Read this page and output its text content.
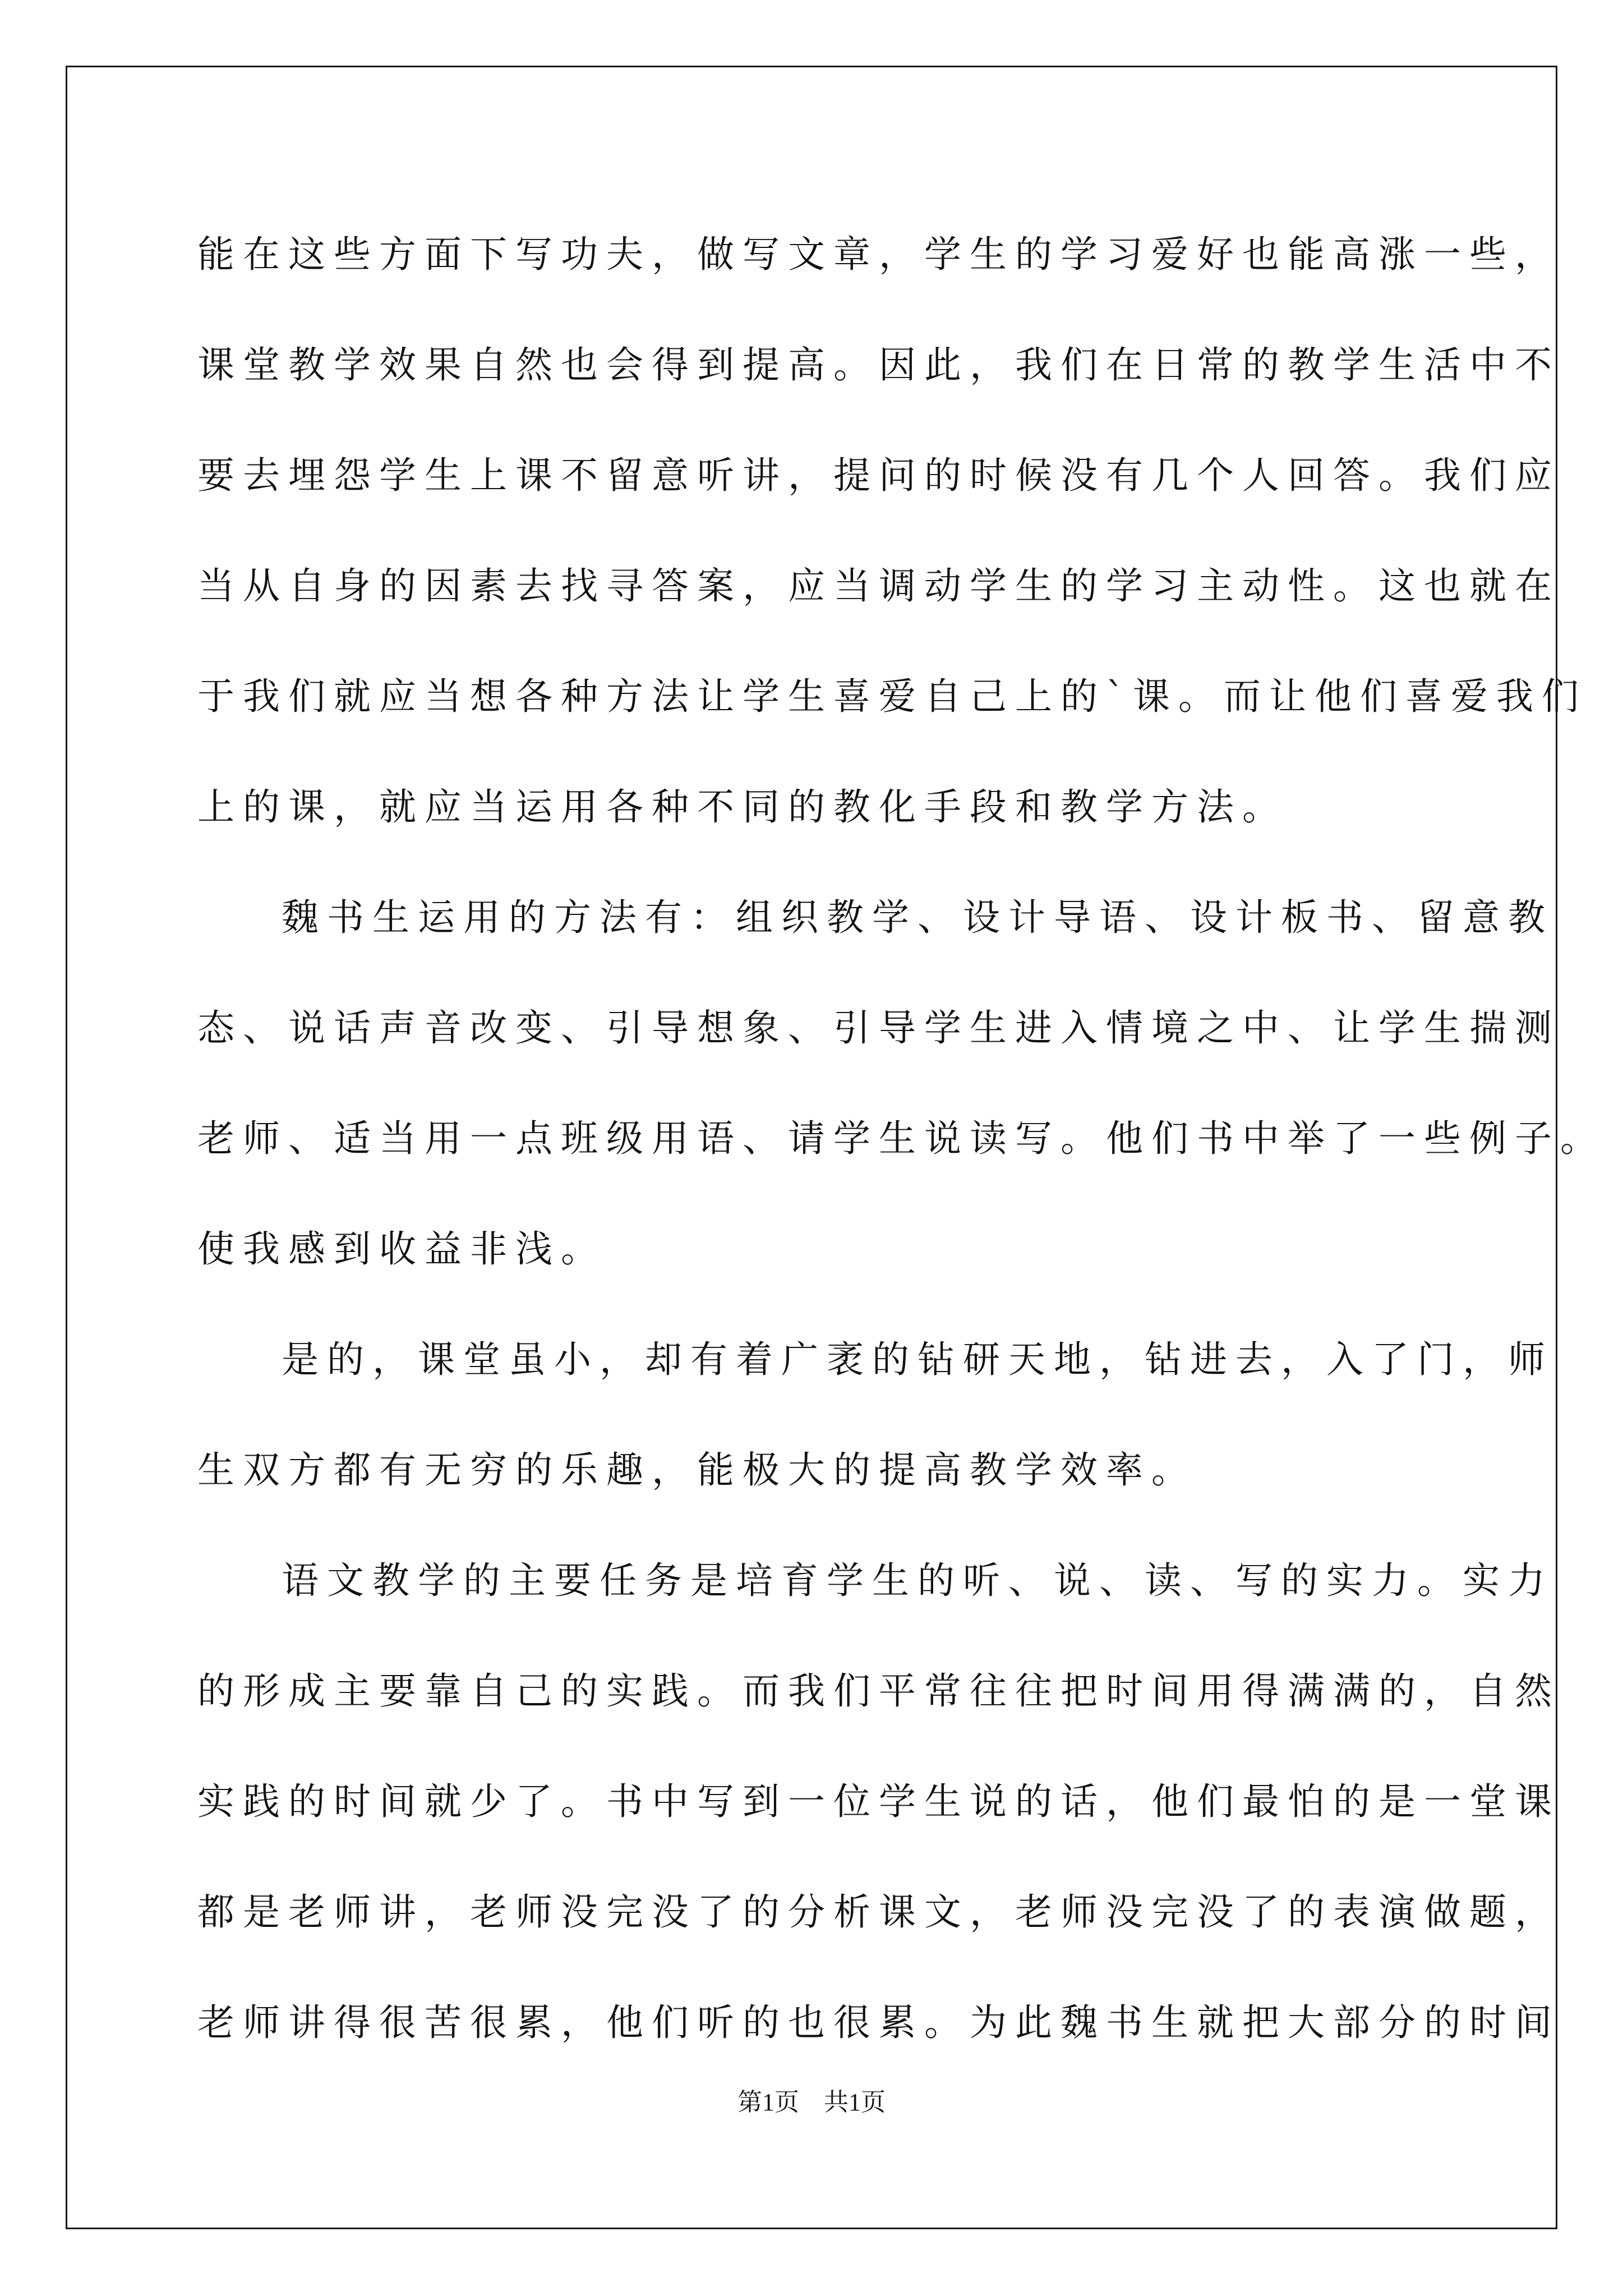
能在这些方面下写功夫，做写文章，学生的学习爱好也能高涨一些，
课堂教学效果自然也会得到提高。因此，我们在日常的教学生活中不
要去埋怨学生上课不留意听讲，提问的时候没有几个人回答。我们应
当从自身的因素去找寻答案，应当调动学生的学习主动性。这也就在
于我们就应当想各种方法让学生喜爱自己上的`课。而让他们喜爱我们
上的课，就应当运用各种不同的教化手段和教学方法。
魏书生运用的方法有：组织教学、设计导语、设计板书、留意教
态、说话声音改变、引导想象、引导学生进入情境之中、让学生揣测
老师、适当用一点班级用语、请学生说读写。他们书中举了一些例子。
使我感到收益非浅。
是的，课堂虽小，却有着广袤的钻研天地，钻进去，入了门，师
生双方都有无穷的乐趣，能极大的提高教学效率。
语文教学的主要任务是培育学生的听、说、读、写的实力。实力
的形成主要靠自己的实践。而我们平常往往把时间用得满满的，自然
实践的时间就少了。书中写到一位学生说的话，他们最怕的是一堂课
都是老师讲，老师没完没了的分析课文，老师没完没了的表演做题，
老师讲得很苦很累，他们听的也很累。为此魏书生就把大部分的时间
第1页 共1页
